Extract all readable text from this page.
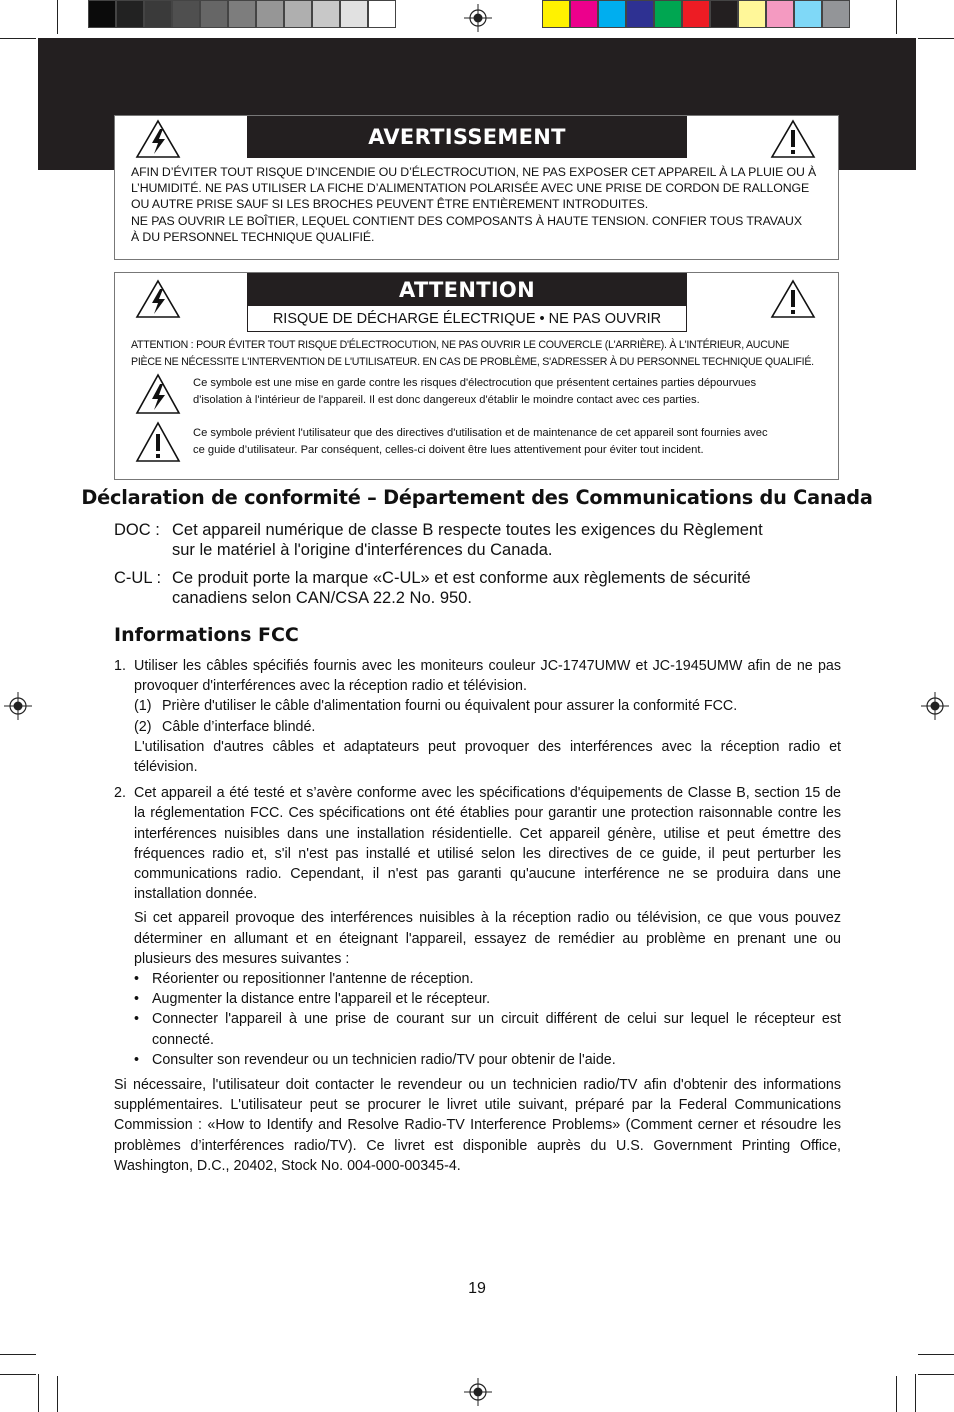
AVERTISSEMENT
AFIN D’ÉVITER TOUT RISQUE D’INCENDIE OU D’ÉLECTROCUTION, NE PAS EXPOSER CET APPAREIL À LA PLUIE OU À
L’HUMIDITÉ. NE PAS UTILISER LA FICHE D’ALIMENTATION POLARISÉE AVEC UNE PRISE DE CORDON DE RALLONGE
OU AUTRE PRISE SAUF SI LES BROCHES PEUVENT ÊTRE ENTIÈREMENT INTRODUITES.
NE PAS OUVRIR LE BOÎTIER, LEQUEL CONTIENT DES COMPOSANTS À HAUTE TENSION. CONFIER TOUS TRAVAUX
À DU PERSONNEL TECHNIQUE QUALIFIÉ.
ATTENTION
RISQUE DE DÉCHARGE ÉLECTRIQUE • NE PAS OUVRIR
ATTENTION : POUR ÉVITER TOUT RISQUE D'ÉLECTROCUTION, NE PAS OUVRIR LE COUVERCLE (L'ARRIÈRE). À L'INTÉRIEUR, AUCUNE
PIÈCE NE NÉCESSITE L'INTERVENTION DE L'UTILISATEUR. EN CAS DE PROBLÈME, S'ADRESSER À DU PERSONNEL TECHNIQUE QUALIFIÉ.
Ce symbole est une mise en garde contre les risques d'électrocution que présentent certaines parties dépourvues
d'isolation à l'intérieur de l'appareil. Il est donc dangereux d'établir le moindre contact avec ces parties.
Ce symbole prévient l'utilisateur que des directives d'utilisation et de maintenance de cet appareil sont fournies avec
ce guide d’utilisateur. Par conséquent, celles-ci doivent être lues attentivement pour éviter tout incident.
Déclaration de conformité – Département des Communications du Canada
DOC : Cet appareil numérique de classe B respecte toutes les exigences du Règlement
sur le matériel à l'origine d'interférences du Canada.
C-UL : Ce produit porte la marque «C-UL» et est conforme aux règlements de sécurité
canadiens selon CAN/CSA 22.2 No. 950.
Informations FCC
1. Utiliser les câbles spécifiés fournis avec les moniteurs couleur JC-1747UMW et JC-1945UMW afin de ne pas provoquer d'interférences avec la réception radio et télévision.

(1) Prière d'utiliser le câble d'alimentation fourni ou équivalent pour assurer la conformité FCC.
(2) Câble d’interface blindé.

L'utilisation d'autres câbles et adaptateurs peut provoquer des interférences avec la réception radio et télévision.

2. Cet appareil a été testé et s’avère conforme avec les spécifications d'équipements de Classe B, section 15 de la réglementation FCC. Ces spécifications ont été établies pour garantir une protection raisonnable contre les interférences nuisibles dans une installation résidentielle. Cet appareil génère, utilise et peut émettre des fréquences radio et, s'il n'est pas installé et utilisé selon les directives de ce guide, il peut perturber les communications radio. Cependant, il n'est pas garanti qu'aucune interférence ne se produira dans une installation donnée.

Si cet appareil provoque des interférences nuisibles à la réception radio ou télévision, ce que vous pouvez déterminer en allumant et en éteignant l'appareil, essayez de remédier au problème en prenant une ou plusieurs des mesures suivantes :

• Réorienter ou repositionner l'antenne de réception.
• Augmenter la distance entre l'appareil et le récepteur.
• Connecter l'appareil à une prise de courant sur un circuit différent de celui sur lequel le récepteur est connecté.
• Consulter son revendeur ou un technicien radio/TV pour obtenir de l'aide.

Si nécessaire, l'utilisateur doit contacter le revendeur ou un technicien radio/TV afin d'obtenir des informations supplémentaires. L'utilisateur peut se procurer le livret utile suivant, préparé par la Federal Communications Commission : «How to Identify and Resolve Radio-TV Interference Problems» (Comment cerner et résoudre les problèmes d’interférences radio/TV). Ce livret est disponible auprès du U.S. Government Printing Office, Washington, D.C., 20402, Stock No. 004-000-00345-4.

19
